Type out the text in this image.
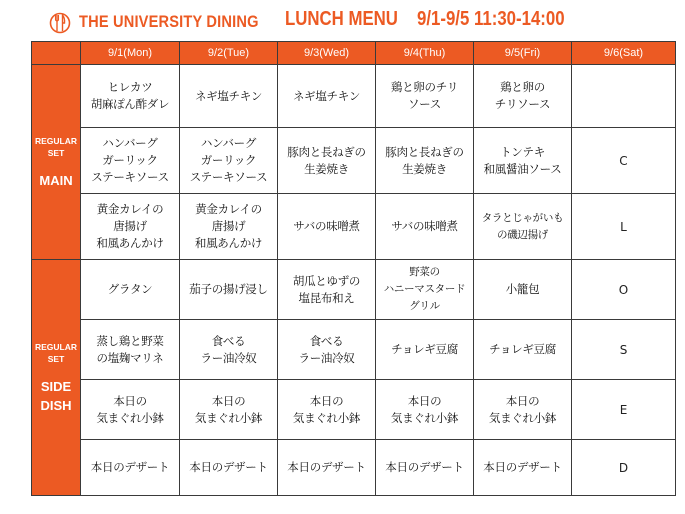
THE UNIVERSITY DINING LUNCH MENU 9/1-9/5 11:30-14:00
	9/1(Mon)	9/2(Tue)	9/3(Wed)	9/4(Thu)	9/5(Fri)	9/6(Sat)

REGULAR
SET
MAIN	ヒレカツ
胡麻ぽん酢ダレ	ネギ塩チキン	ネギ塩チキン	鶏と卵のチリ
ソース	鶏と卵の
チリソース	
	ハンバーグ
ガーリック
ステーキソース	ハンバーグ
ガーリック
ステーキソース	豚肉と長ねぎの
生姜焼き	豚肉と長ねぎの
生姜焼き	トンテキ
和風醤油ソース	C
	黄金カレイの
唐揚げ
和風あんかけ	黄金カレイの
唐揚げ
和風あんかけ	サバの味噌煮	サバの味噌煮	タラとじゃがいも
の磯辺揚げ	L

REGULAR
SET
SIDE
DISH	グラタン	茄子の揚げ浸し	胡瓜とゆずの
塩昆布和え	野菜の
ハニーマスタード
グリル	小籠包	O
	蒸し鶏と野菜
の塩麹マリネ	食べる
ラー油冷奴	食べる
ラー油冷奴	チョレギ豆腐	チョレギ豆腐	S
	本日の
気まぐれ小鉢	本日の
気まぐれ小鉢	本日の
気まぐれ小鉢	本日の
気まぐれ小鉢	本日の
気まぐれ小鉢	E
	本日のデザート	本日のデザート	本日のデザート	本日のデザート	本日のデザート	D
